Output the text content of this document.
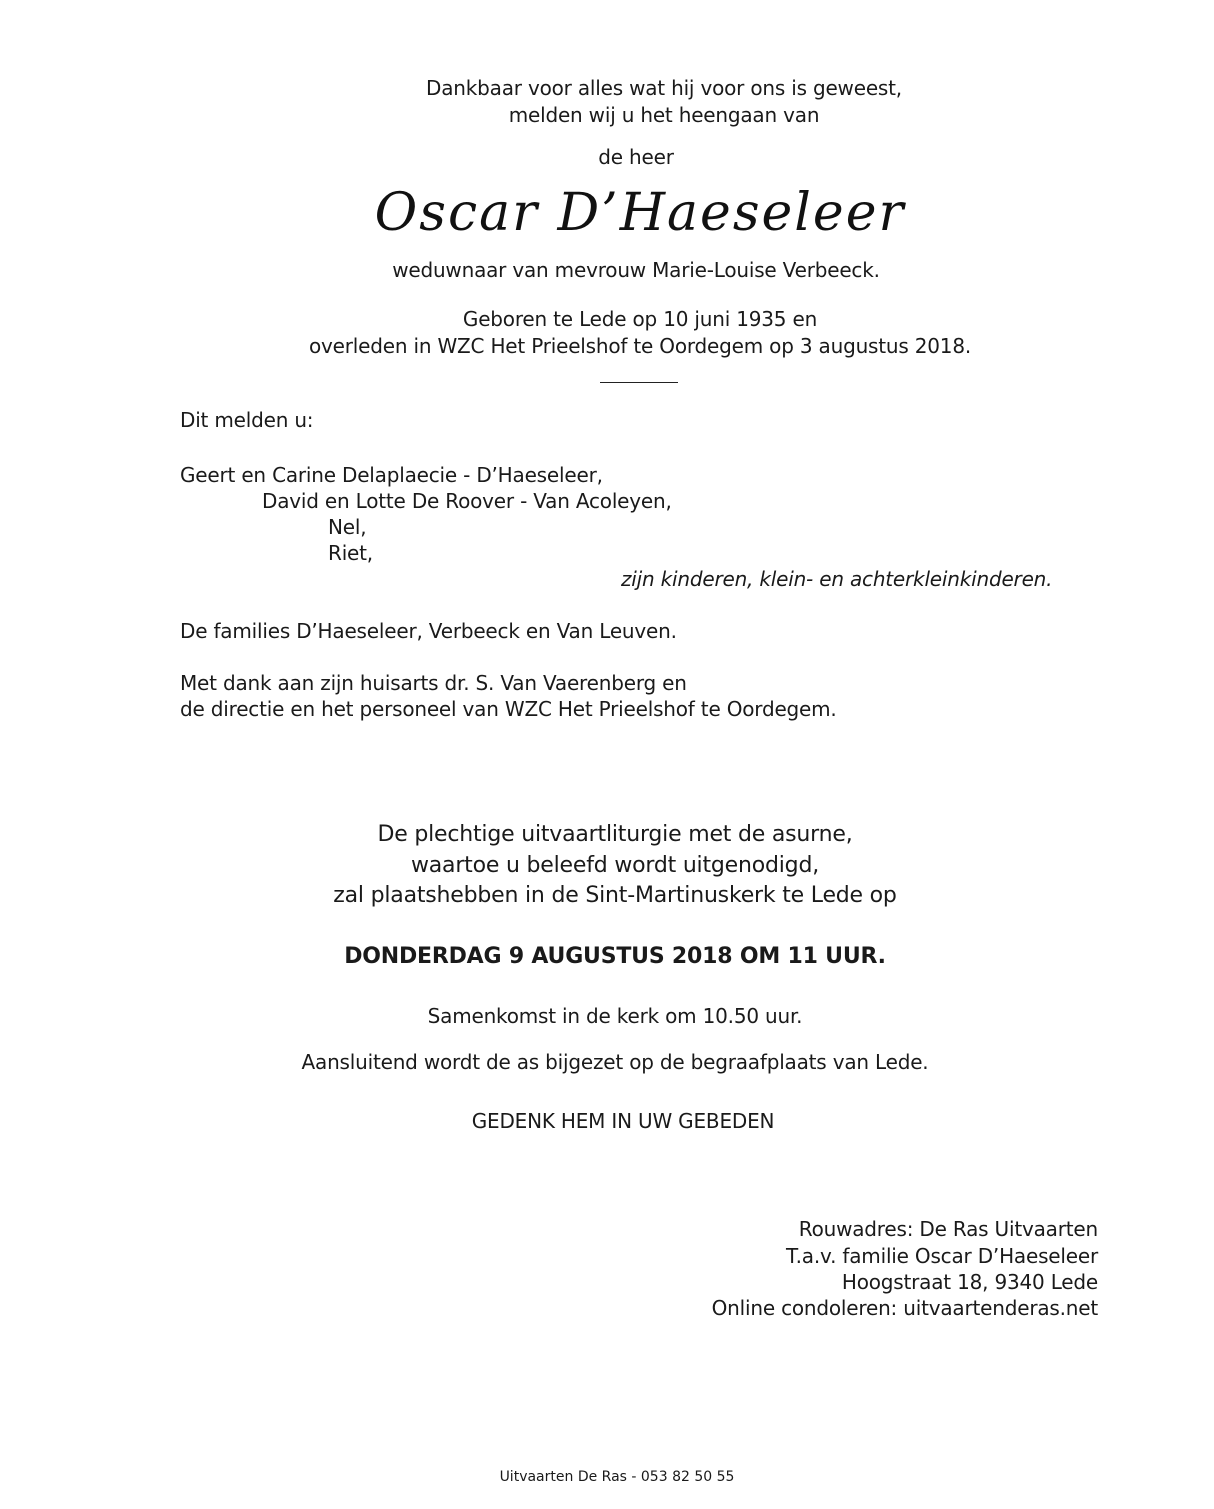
Dankbaar voor alles wat hij voor ons is geweest,
melden wij u het heengaan van
de heer
Oscar D’Haeseleer
weduwnaar van mevrouw Marie-Louise Verbeeck.
Geboren te Lede op 10 juni 1935 en
overleden in WZC Het Prieelshof te Oordegem op 3 augustus 2018.
Dit melden u:
Geert en Carine Delaplaecie - D’Haeseleer,
David en Lotte De Roover - Van Acoleyen,
Nel,
Riet,
zijn kinderen, klein- en achterkleinkinderen.
De families D’Haeseleer, Verbeeck en Van Leuven.
Met dank aan zijn huisarts dr. S. Van Vaerenberg en
de directie en het personeel van WZC Het Prieelshof te Oordegem.
De plechtige uitvaartliturgie met de asurne,
waartoe u beleefd wordt uitgenodigd,
zal plaatshebben in de Sint-Martinuskerk te Lede op
DONDERDAG 9 AUGUSTUS 2018 OM 11 UUR.
Samenkomst in de kerk om 10.50 uur.
Aansluitend wordt de as bijgezet op de begraafplaats van Lede.
GEDENK HEM IN UW GEBEDEN
Rouwadres: De Ras Uitvaarten
T.a.v. familie Oscar D’Haeseleer
Hoogstraat 18, 9340 Lede
Online condoleren: uitvaartenderas.net
Uitvaarten De Ras - 053 82 50 55
